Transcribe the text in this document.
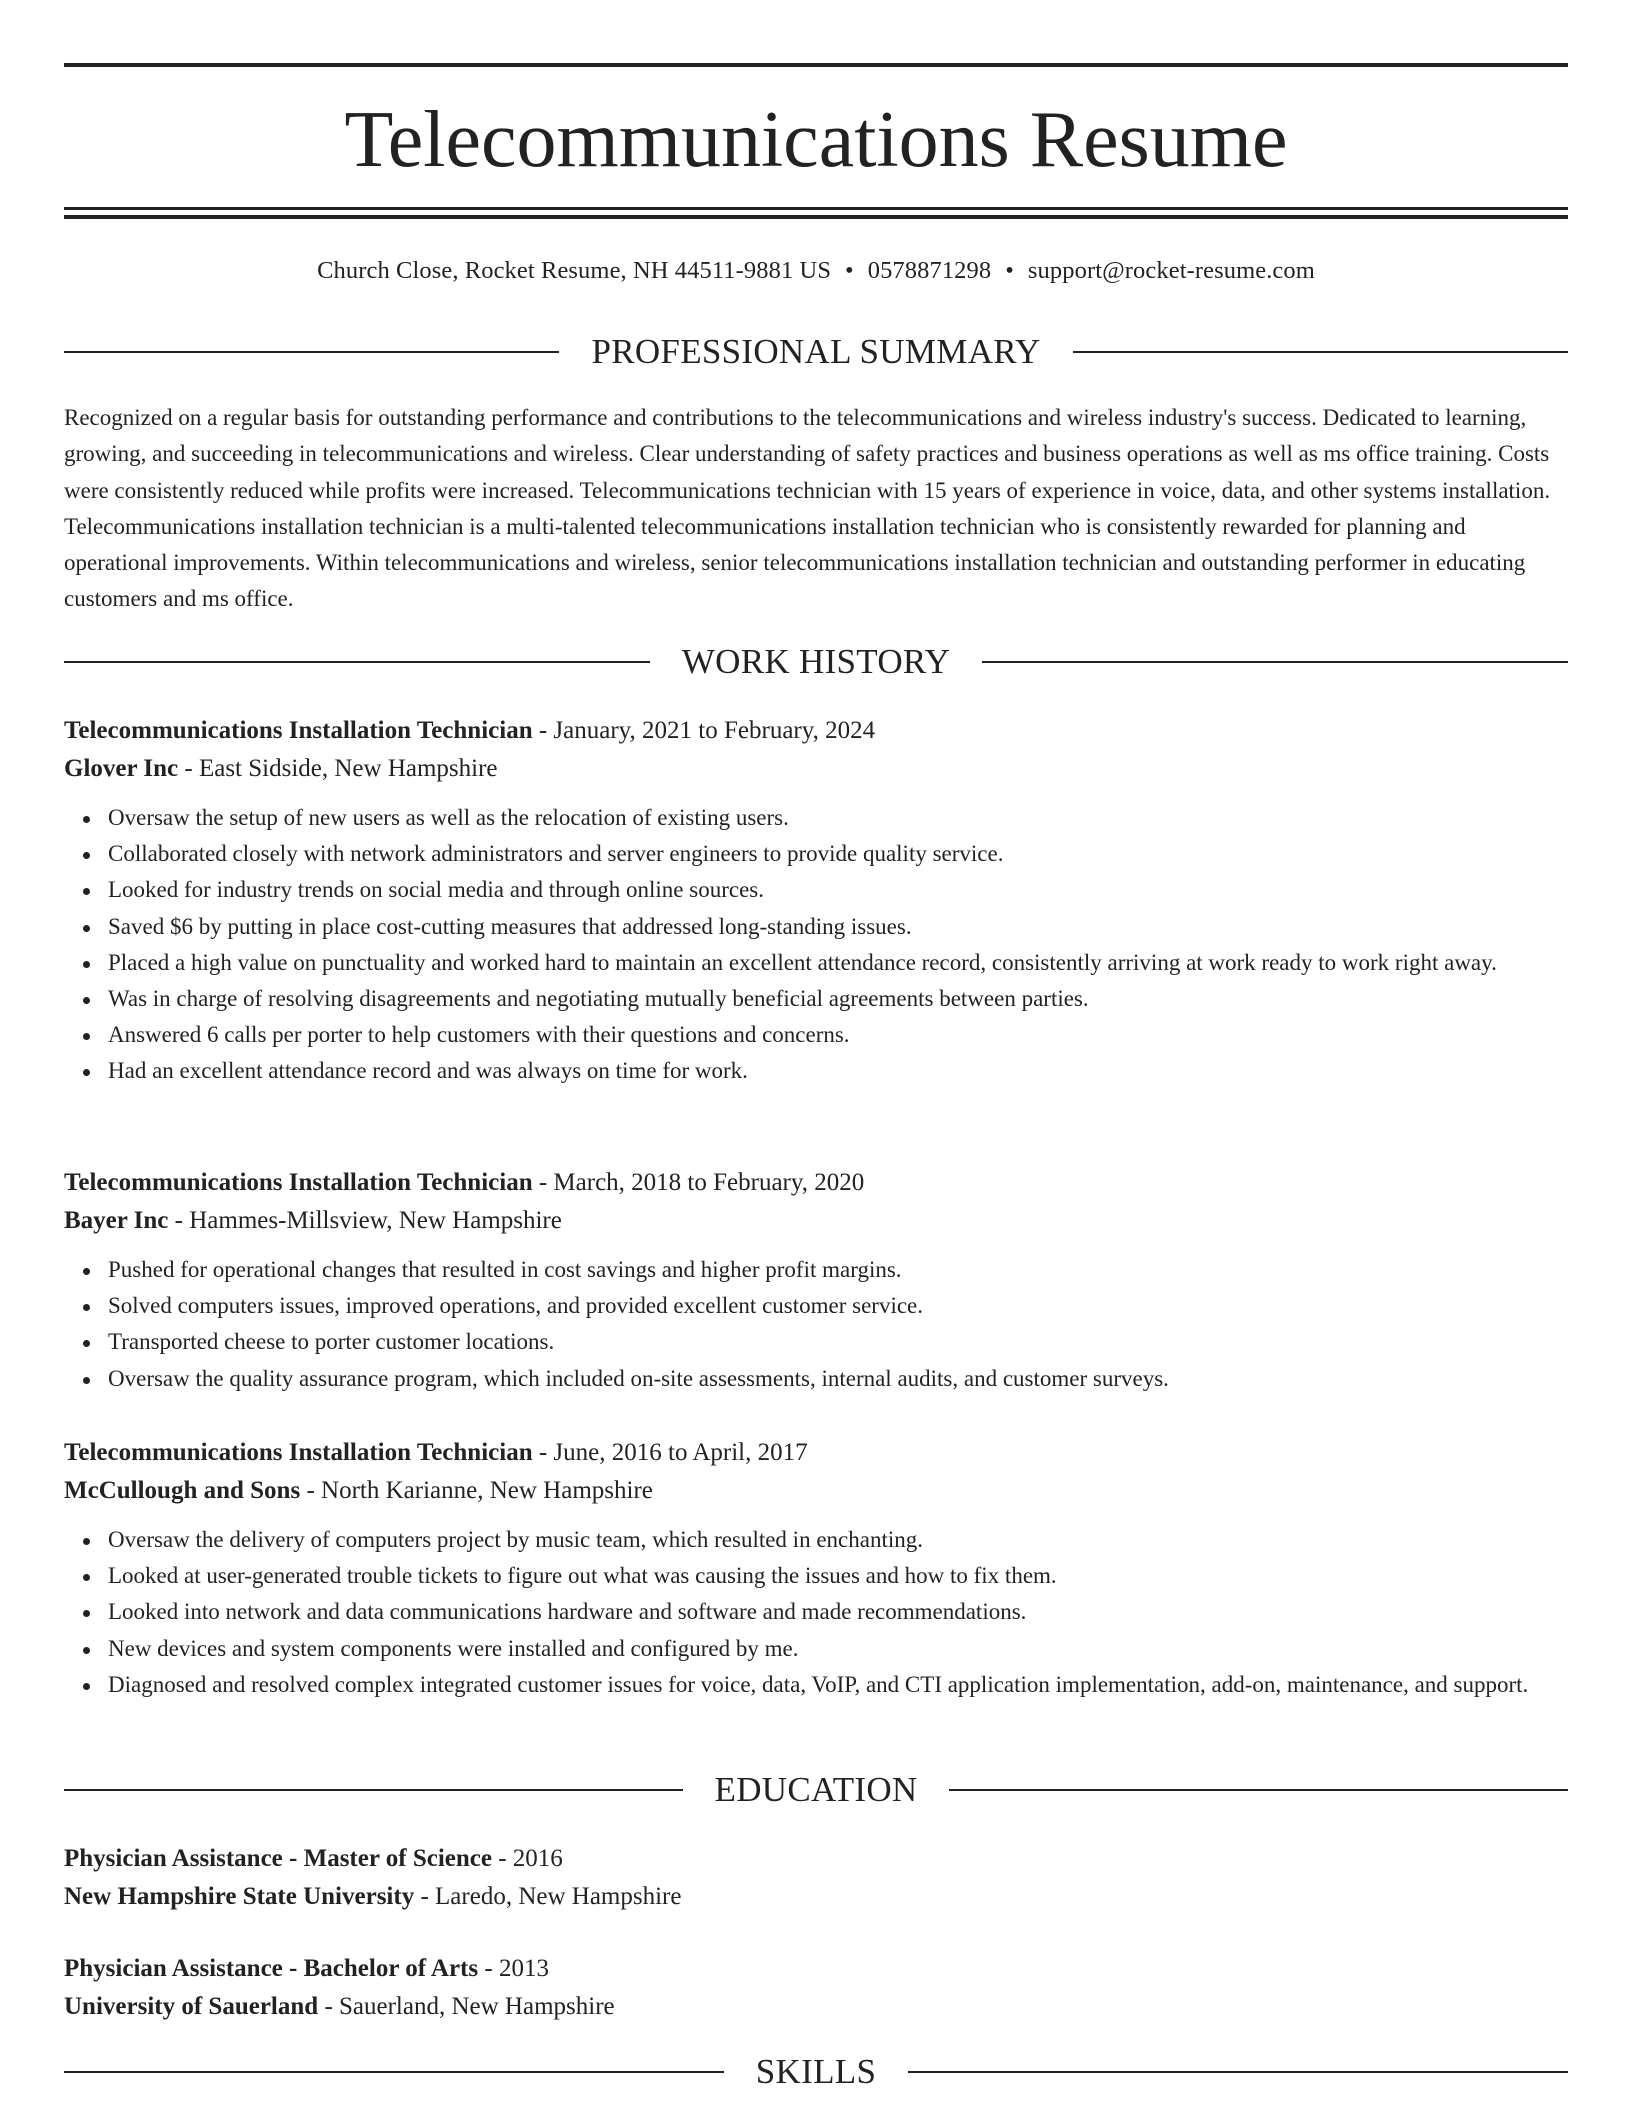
Telecommunications Resume
Church Close, Rocket Resume, NH 44511-9881 US • 0578871298 • support@rocket-resume.com
PROFESSIONAL SUMMARY

Recognized on a regular basis for outstanding performance and contributions to the telecommunications and wireless industry's success. Dedicated to learning, growing, and succeeding in telecommunications and wireless. Clear understanding of safety practices and business operations as well as ms office training. Costs were consistently reduced while profits were increased. Telecommunications technician with 15 years of experience in voice, data, and other systems installation. Telecommunications installation technician is a multi-talented telecommunications installation technician who is consistently rewarded for planning and operational improvements. Within telecommunications and wireless, senior telecommunications installation technician and outstanding performer in educating customers and ms office.

WORK HISTORY
Telecommunications Installation Technician - January, 2021 to February, 2024
Glover Inc - East Sidside, New Hampshire
Oversaw the setup of new users as well as the relocation of existing users.
Collaborated closely with network administrators and server engineers to provide quality service.
Looked for industry trends on social media and through online sources.
Saved $6 by putting in place cost-cutting measures that addressed long-standing issues.
Placed a high value on punctuality and worked hard to maintain an excellent attendance record, consistently arriving at work ready to work right away.
Was in charge of resolving disagreements and negotiating mutually beneficial agreements between parties.
Answered 6 calls per porter to help customers with their questions and concerns.
Had an excellent attendance record and was always on time for work.
Telecommunications Installation Technician - March, 2018 to February, 2020
Bayer Inc - Hammes-Millsview, New Hampshire
Pushed for operational changes that resulted in cost savings and higher profit margins.
Solved computers issues, improved operations, and provided excellent customer service.
Transported cheese to porter customer locations.
Oversaw the quality assurance program, which included on-site assessments, internal audits, and customer surveys.
Telecommunications Installation Technician - June, 2016 to April, 2017
McCullough and Sons - North Karianne, New Hampshire
Oversaw the delivery of computers project by music team, which resulted in enchanting.
Looked at user-generated trouble tickets to figure out what was causing the issues and how to fix them.
Looked into network and data communications hardware and software and made recommendations.
New devices and system components were installed and configured by me.
Diagnosed and resolved complex integrated customer issues for voice, data, VoIP, and CTI application implementation, add-on, maintenance, and support.
EDUCATION
Physician Assistance - Master of Science - 2016
New Hampshire State University - Laredo, New Hampshire
Physician Assistance - Bachelor of Arts - 2013
University of Sauerland - Sauerland, New Hampshire
SKILLS
